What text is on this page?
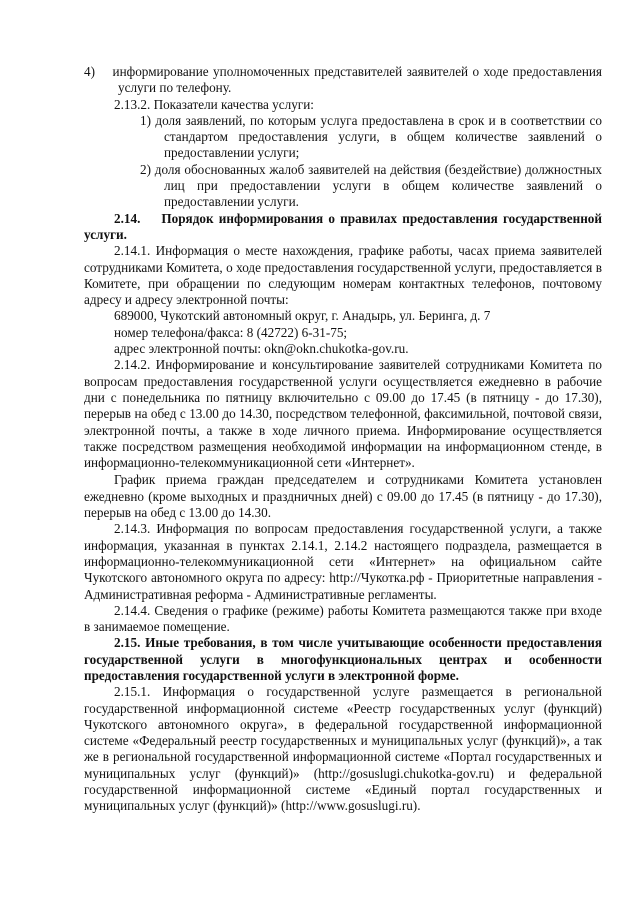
4)    информирование уполномоченных представителей заявителей о ходе предоставления услуги по телефону.

2.13.2. Показатели качества услуги:

1) доля заявлений, по которым услуга предоставлена в срок и в соответствии со стандартом предоставления услуги, в общем количестве заявлений о предоставлении услуги;

2) доля обоснованных жалоб заявителей на действия (бездействие) должностных лиц при предоставлении услуги в общем количестве заявлений о предоставлении услуги.

2.14.    Порядок информирования о правилах предоставления государственной услуги.

2.14.1. Информация о месте нахождения, графике работы, часах приема заявителей сотрудниками Комитета, о ходе предоставления государственной услуги, предоставляется в Комитете, при обращении по следующим номерам контактных телефонов, почтовому адресу и адресу электронной почты:

689000, Чукотский автономный округ, г. Анадырь, ул. Беринга, д. 7

номер телефона/факса: 8 (42722) 6-31-75;

адрес электронной почты: okn@okn.chukotka-gov.ru.

2.14.2. Информирование и консультирование заявителей сотрудниками Комитета по вопросам предоставления государственной услуги осуществляется ежедневно в рабочие дни с понедельника по пятницу включительно с 09.00 до 17.45 (в пятницу - до 17.30), перерыв на обед с 13.00 до 14.30, посредством телефонной, факсимильной, почтовой связи, электронной почты, а также в ходе личного приема. Информирование осуществляется также посредством размещения необходимой информации на информационном стенде, в информационно-телекоммуникационной сети «Интернет».

График приема граждан председателем и сотрудниками Комитета установлен ежедневно (кроме выходных и праздничных дней) с 09.00 до 17.45 (в пятницу - до 17.30), перерыв на обед с 13.00 до 14.30.

2.14.3. Информация по вопросам предоставления государственной услуги, а также информация, указанная в пунктах 2.14.1, 2.14.2 настоящего подраздела, размещается в информационно-телекоммуникационной сети «Интернет» на официальном сайте Чукотского автономного округа по адресу: http://Чукотка.рф - Приоритетные направления - Административная реформа - Административные регламенты.

2.14.4. Сведения о графике (режиме) работы Комитета размещаются также при входе в занимаемое помещение.

2.15. Иные требования, в том числе учитывающие особенности предоставления государственной услуги в многофункциональных центрах и особенности предоставления государственной услуги в электронной форме.

2.15.1. Информация о государственной услуге размещается в региональной государственной информационной системе «Реестр государственных услуг (функций) Чукотского автономного округа», в федеральной государственной информационной системе «Федеральный реестр государственных и муниципальных услуг (функций)», а так же в региональной государственной информационной системе «Портал государственных и муниципальных услуг (функций)» (http://gosuslugi.chukotka-gov.ru) и федеральной государственной информационной системе «Единый портал государственных и муниципальных услуг (функций)» (http://www.gosuslugi.ru).
